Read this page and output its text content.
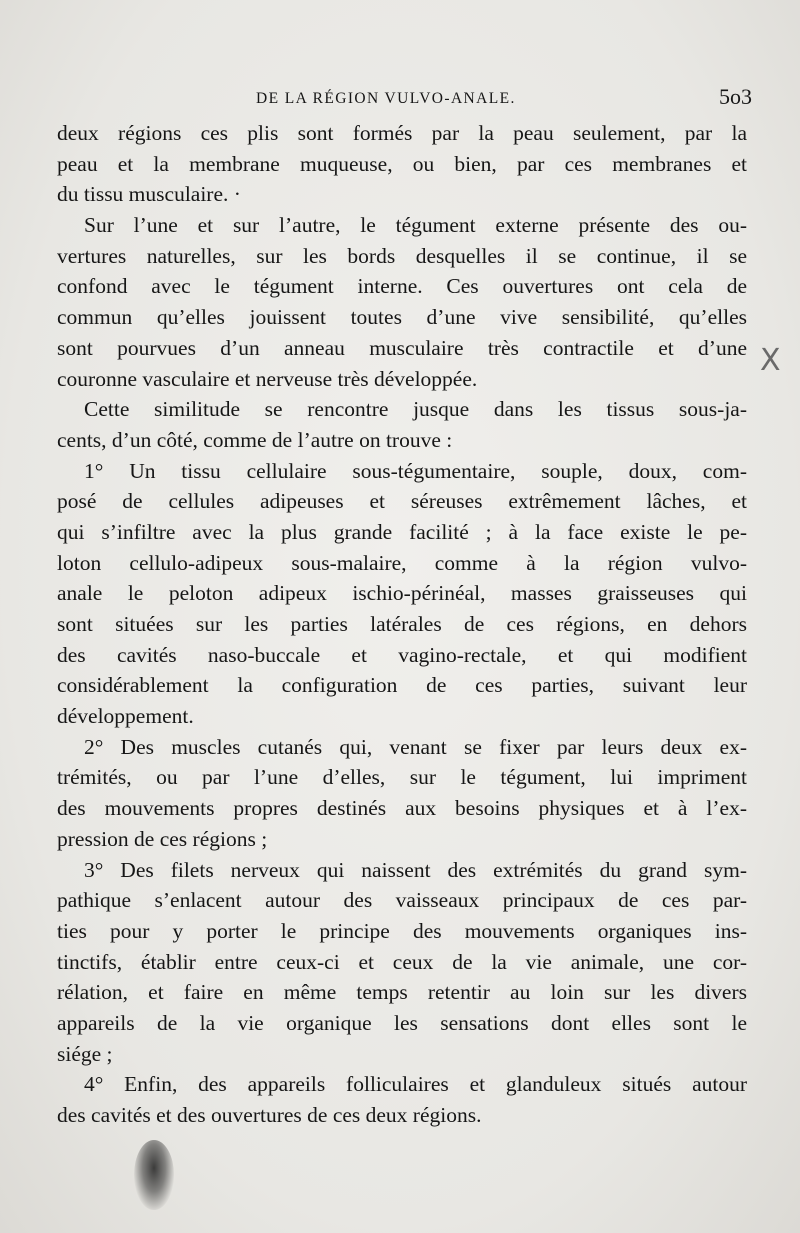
DE LA RÉGION VULVO-ANALE.	5o3
deux régions ces plis sont formés par la peau seulement, par la
peau et la membrane muqueuse, ou bien, par ces membranes et
du tissu musculaire. ·
Sur l’une et sur l’autre, le tégument externe présente des ou-
vertures naturelles, sur les bords desquelles il se continue, il se
confond avec le tégument interne. Ces ouvertures ont cela de
commun qu’elles jouissent toutes d’une vive sensibilité, qu’elles
sont pourvues d’un anneau musculaire très contractile et d’une
couronne vasculaire et nerveuse très développée.
Cette similitude se rencontre jusque dans les tissus sous-ja-
cents, d’un côté, comme de l’autre on trouve :
1° Un tissu cellulaire sous-tégumentaire, souple, doux, com-
posé de cellules adipeuses et séreuses extrêmement lâches, et
qui s’infiltre avec la plus grande facilité ; à la face existe le pe-
loton cellulo-adipeux sous-malaire, comme à la région vulvo-
anale le peloton adipeux ischio-périnéal, masses graisseuses qui
sont situées sur les parties latérales de ces régions, en dehors
des cavités naso-buccale et vagino-rectale, et qui modifient
considérablement la configuration de ces parties, suivant leur
développement.
2° Des muscles cutanés qui, venant se fixer par leurs deux ex-
trémités, ou par l’une d’elles, sur le tégument, lui impriment
des mouvements propres destinés aux besoins physiques et à l’ex-
pression de ces régions ;
3° Des filets nerveux qui naissent des extrémités du grand sym-
pathique s’enlacent autour des vaisseaux principaux de ces par-
ties pour y porter le principe des mouvements organiques ins-
tinctifs, établir entre ceux-ci et ceux de la vie animale, une cor-
rélation, et faire en même temps retentir au loin sur les divers
appareils de la vie organique les sensations dont elles sont le
siége ;
4° Enfin, des appareils folliculaires et glanduleux situés autour
des cavités et des ouvertures de ces deux régions.
X
